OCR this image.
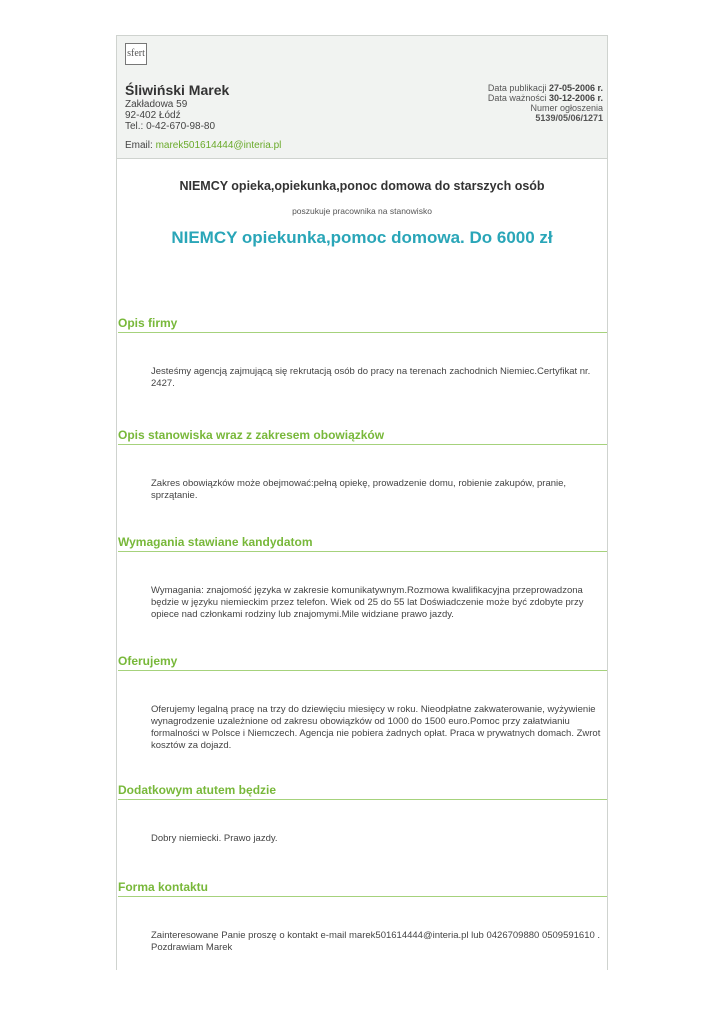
sfert
Śliwiński Marek
Zakładowa 59
92-402 Łódź
Tel.: 0-42-670-98-80
Email: marek501614444@interia.pl
Data publikacji 27-05-2006 r.
Data ważności 30-12-2006 r.
Numer ogłoszenia
5139/05/06/1271
NIEMCY opieka,opiekunka,ponoc domowa do starszych osób
poszukuje pracownika na stanowisko
NIEMCY opiekunka,pomoc domowa. Do 6000 zł
Opis firmy
Jesteśmy agencją zajmującą się rekrutacją osób do pracy na terenach zachodnich Niemiec.Certyfikat nr. 2427.
Opis stanowiska wraz z zakresem obowiązków
Zakres obowiązków może obejmować:pełną opiekę, prowadzenie domu, robienie zakupów, pranie, sprzątanie.
Wymagania stawiane kandydatom
Wymagania: znajomość języka w zakresie komunikatywnym.Rozmowa kwalifikacyjna przeprowadzona będzie w języku niemieckim przez telefon. Wiek od 25 do 55 lat Doświadczenie może być zdobyte przy opiece nad członkami rodziny lub znajomymi.Mile widziane prawo jazdy.
Oferujemy
Oferujemy legalną pracę na trzy do dziewięciu miesięcy w roku. Nieodpłatne zakwaterowanie, wyżywienie wynagrodzenie uzależnione od zakresu obowiązków od 1000 do 1500 euro.Pomoc przy załatwianiu formalności w Polsce i Niemczech. Agencja nie pobiera żadnych opłat. Praca w prywatnych domach. Zwrot kosztów za dojazd.
Dodatkowym atutem będzie
Dobry niemiecki. Prawo jazdy.
Forma kontaktu
Zainteresowane Panie proszę o kontakt e-mail marek501614444@interia.pl lub 0426709880 0509591610 . Pozdrawiam Marek
